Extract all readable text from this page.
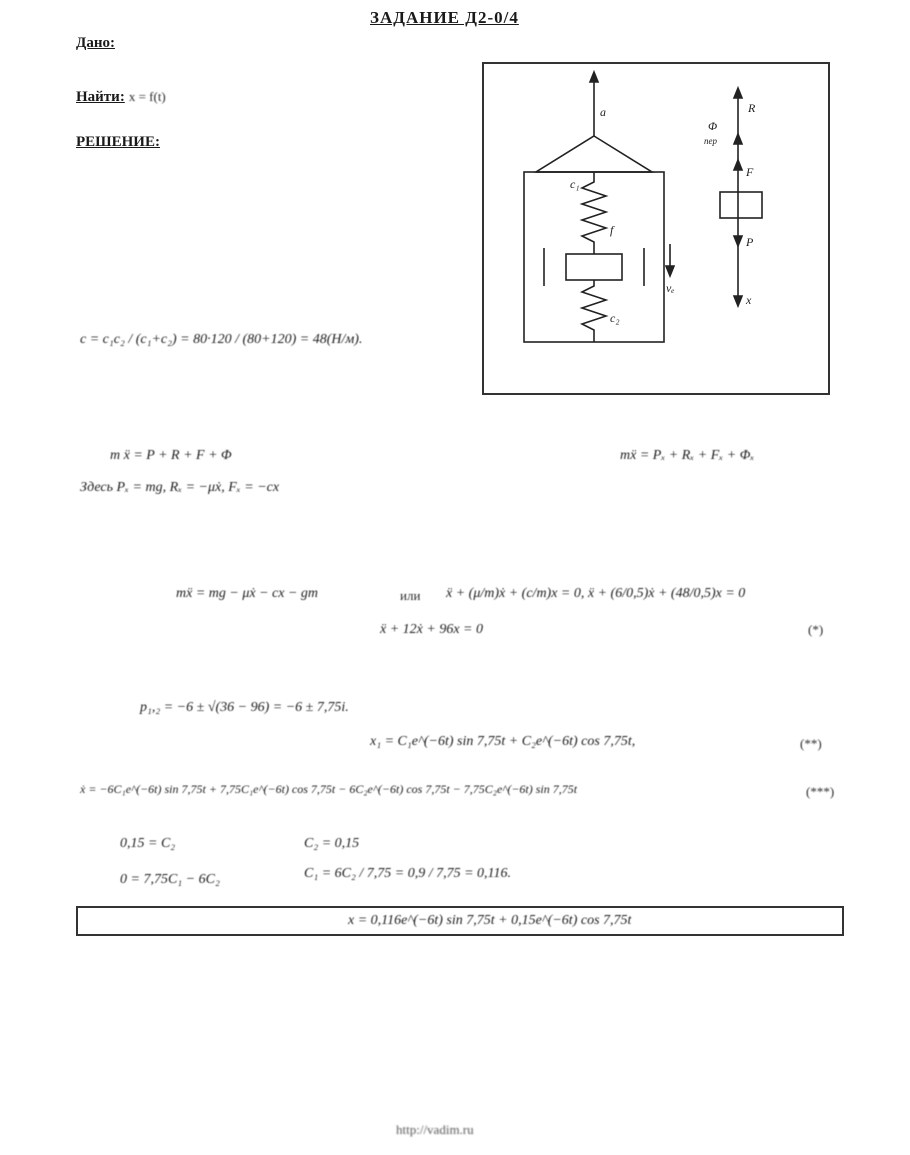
ЗАДАНИЕ Д2-0/4
Дано:
Найти: x = f(t)
РЕШЕНИЕ:
c = c₁c₂ / (c₁+c₂) = 80·120 / (80+120) = 48(Н/м).
a
c₁
f
c₂
vₑ
R
Φ
пер
F
P
x
m ẍ = P + R + F + Φ	mẍ = Pₓ + Rₓ + Fₓ + Φₓ
Здесь Pₓ = mg, Rₓ = −μẋ, Fₓ = −cx
mẍ = mg − μẋ − cx − gm	или ẍ + (μ/m)ẋ + (c/m)x = 0, ẍ + (6/0,5)ẋ + (48/0,5)x = 0
ẍ + 12ẋ + 96x = 0	(*)
p₁,₂ = −6 ± √(36 − 96) = −6 ± 7,75i.
x₁ = C₁e^(−6t) sin 7,75t + C₂e^(−6t) cos 7,75t,	(**)
ẋ = −6C₁e^(−6t) sin 7,75t + 7,75C₁e^(−6t) cos 7,75t − 6C₂e^(−6t) cos 7,75t − 7,75C₂e^(−6t) sin 7,75t	(***)
0,15 = C₂	C₂ = 0,15
0 = 7,75C₁ − 6C₂	C₁ = 6C₂ / 7,75 = 0,9 / 7,75 = 0,116.
x = 0,116e^(−6t) sin 7,75t + 0,15e^(−6t) cos 7,75t
http://vadim.ru
